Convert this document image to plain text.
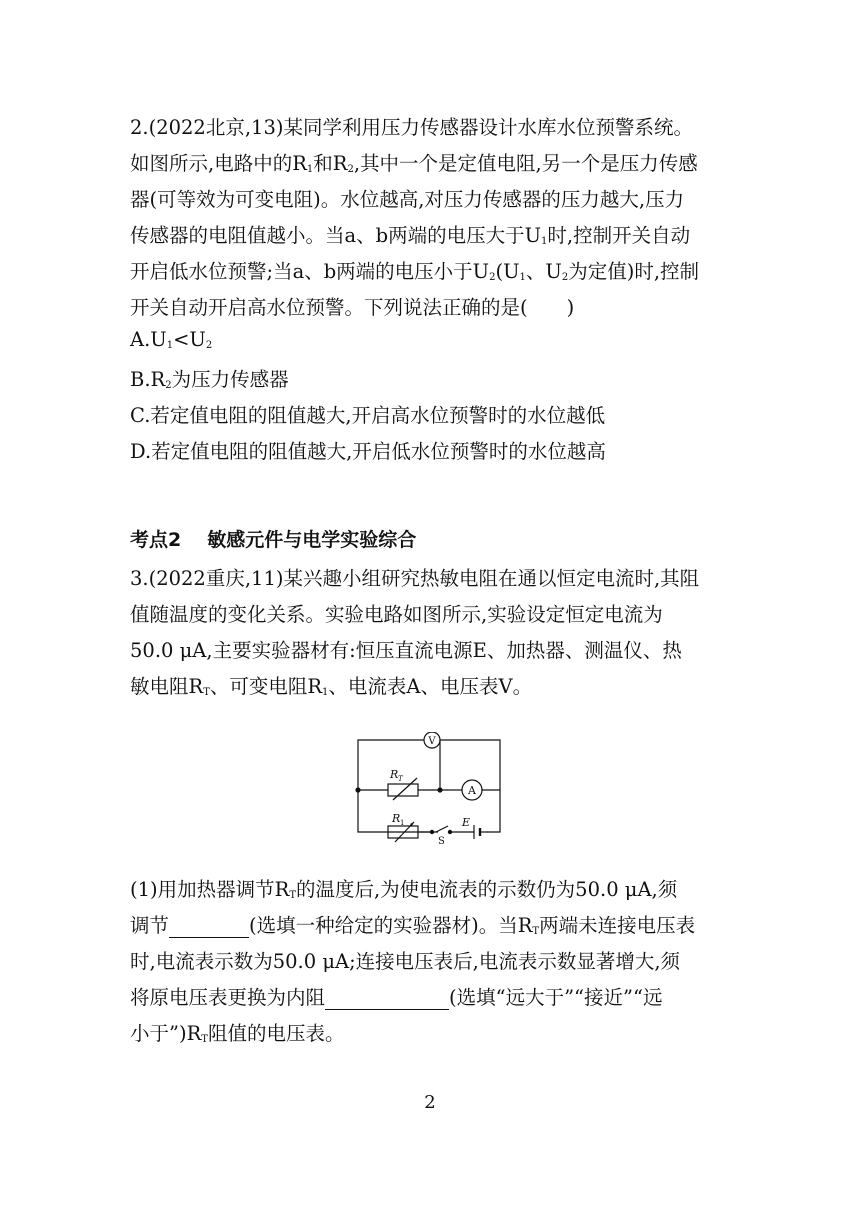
2.(2022北京,13)某同学利用压力传感器设计水库水位预警系统。
如图所示,电路中的$R_1$和$R_2$,其中一个是定值电阻,另一个是压力传感
器(可等效为可变电阻)。水位越高,对压力传感器的压力越大,压力
传感器的电阻值越小。当a、b两端的电压大于$U_1$时,控制开关自动
开启低水位预警;当a、b两端的电压小于$U_2(U_1$、$U_2$为定值)时,控制
开关自动开启高水位预警。下列说法正确的是(　　)
$A.U_1<U_2$
$B.R_2$为压力传感器
C.若定值电阻的阻值越大,开启高水位预警时的水位越低
D.若定值电阻的阻值越大,开启低水位预警时的水位越高
考点2 敏感元件与电学实验综合
3.(2022重庆,11)某兴趣小组研究热敏电阻在通以恒定电流时,其阻
值随温度的变化关系。实验电路如图所示,实验设定恒定电流为
50.0 μA,主要实验器材有:恒压直流电源E、加热器、测温仪、热
敏电阻$R_T$、可变电阻$R_1$、电流表A、电压表V。
V
A
R T
R 1	E
S
(1)用加热器调节$R_T$的温度后,为使电流表的示数仍为50.0 μA,须
调节	(选填一种给定的实验器材)。当$R_T$两端未连接电压表
时,电流表示数为50.0 μA;连接电压表后,电流表示数显著增大,须
将原电压表更换为内阻	(选填“远大于”“接近”“远
小于$”)R_T$阻值的电压表。
2
